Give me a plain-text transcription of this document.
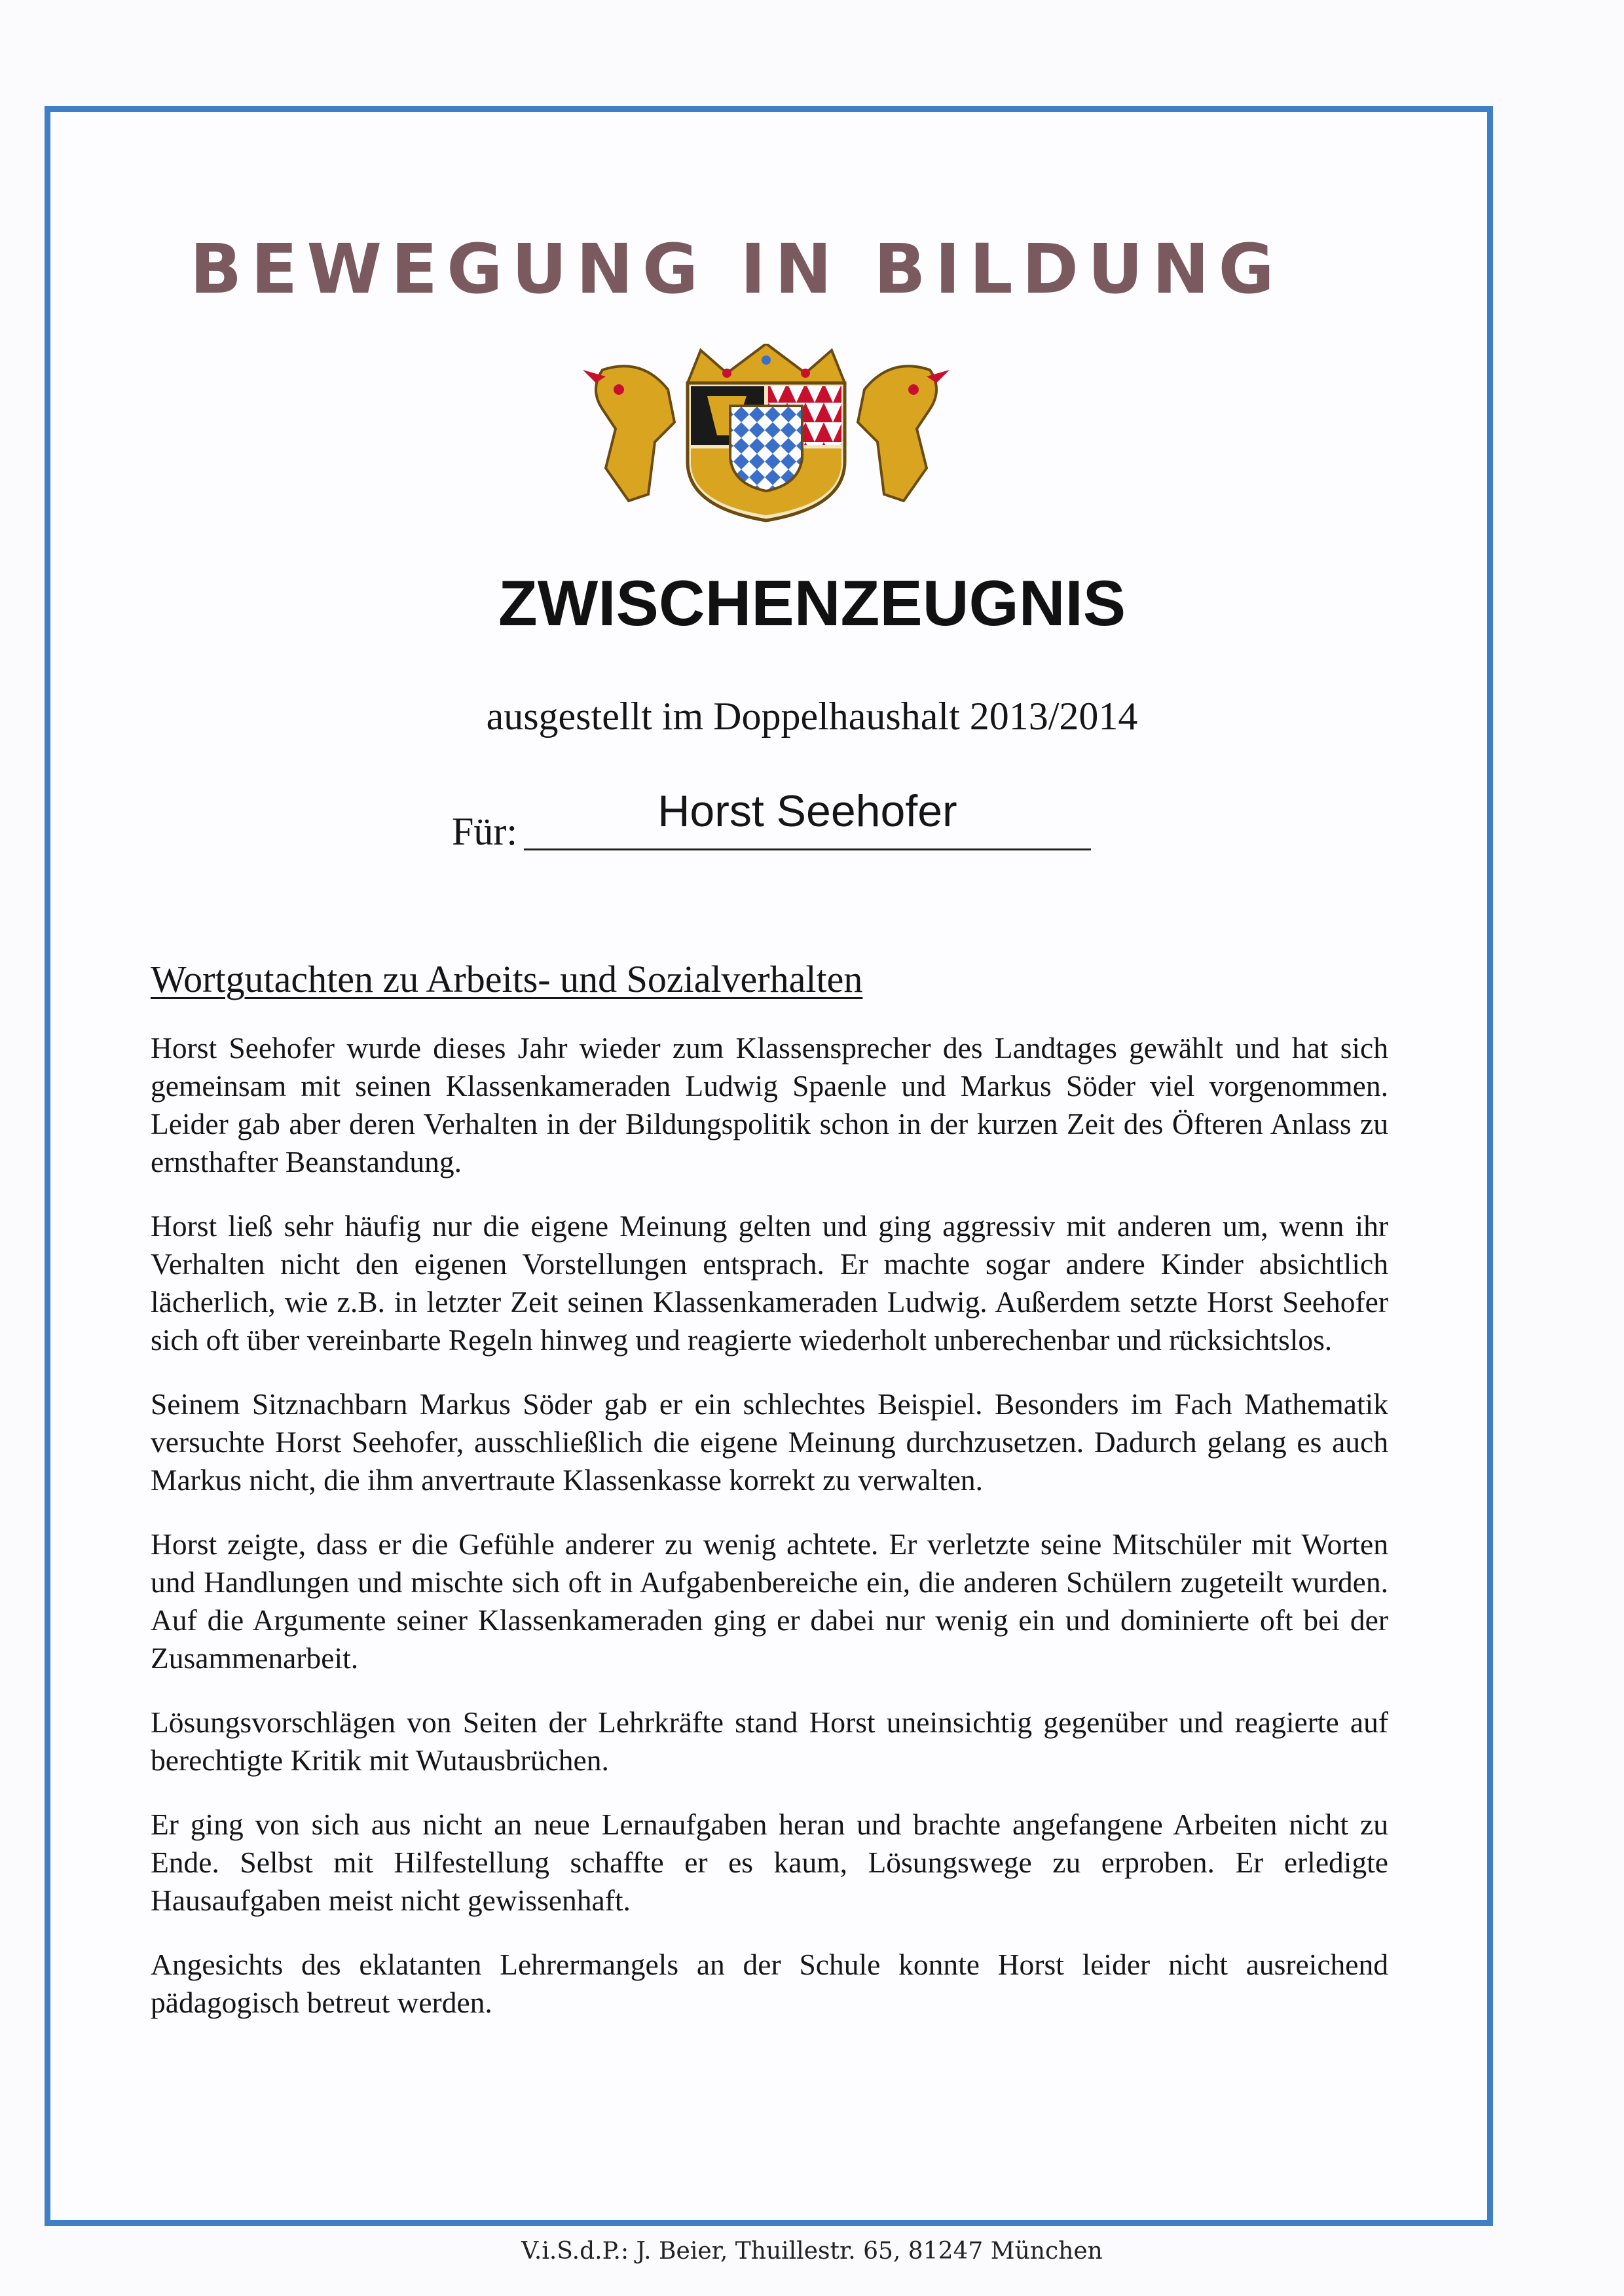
BEWEGUNG IN BILDUNG
ZWISCHENZEUGNIS

ausgestellt im Doppelhaushalt 2013/2014

Für:	Horst Seehofer
Wortgutachten zu Arbeits- und Sozialverhalten

Horst Seehofer wurde dieses Jahr wieder zum Klassensprecher des Landtages gewählt und hat sich gemeinsam mit seinen Klassenkameraden Ludwig Spaenle und Markus Söder viel vorgenommen. Leider gab aber deren Verhalten in der Bildungspolitik schon in der kurzen Zeit des Öfteren Anlass zu ernsthafter Beanstandung.

Horst ließ sehr häufig nur die eigene Meinung gelten und ging aggressiv mit anderen um, wenn ihr Verhalten nicht den eigenen Vorstellungen entsprach. Er machte sogar andere Kinder absichtlich lächerlich, wie z.B. in letzter Zeit seinen Klassenkameraden Ludwig. Außerdem setzte Horst Seehofer sich oft über vereinbarte Regeln hinweg und reagierte wiederholt unberechenbar und rücksichtslos.

Seinem Sitznachbarn Markus Söder gab er ein schlechtes Beispiel. Besonders im Fach Mathematik versuchte Horst Seehofer, ausschließlich die eigene Meinung durchzusetzen. Dadurch gelang es auch Markus nicht, die ihm anvertraute Klassenkasse korrekt zu verwalten.

Horst zeigte, dass er die Gefühle anderer zu wenig achtete. Er verletzte seine Mitschüler mit Worten und Handlungen und mischte sich oft in Aufgabenbereiche ein, die anderen Schülern zugeteilt wurden. Auf die Argumente seiner Klassenkameraden ging er dabei nur wenig ein und dominierte oft bei der Zusammenarbeit.

Lösungsvorschlägen von Seiten der Lehrkräfte stand Horst uneinsichtig gegenüber und reagierte auf berechtigte Kritik mit Wutausbrüchen.

Er ging von sich aus nicht an neue Lernaufgaben heran und brachte angefangene Arbeiten nicht zu Ende. Selbst mit Hilfestellung schaffte er es kaum, Lösungswege zu erproben. Er erledigte Hausaufgaben meist nicht gewissenhaft.

Angesichts des eklatanten Lehrermangels an der Schule konnte Horst leider nicht ausreichend pädagogisch betreut werden.

V.i.S.d.P.: J. Beier, Thuillestr. 65, 81247 München
